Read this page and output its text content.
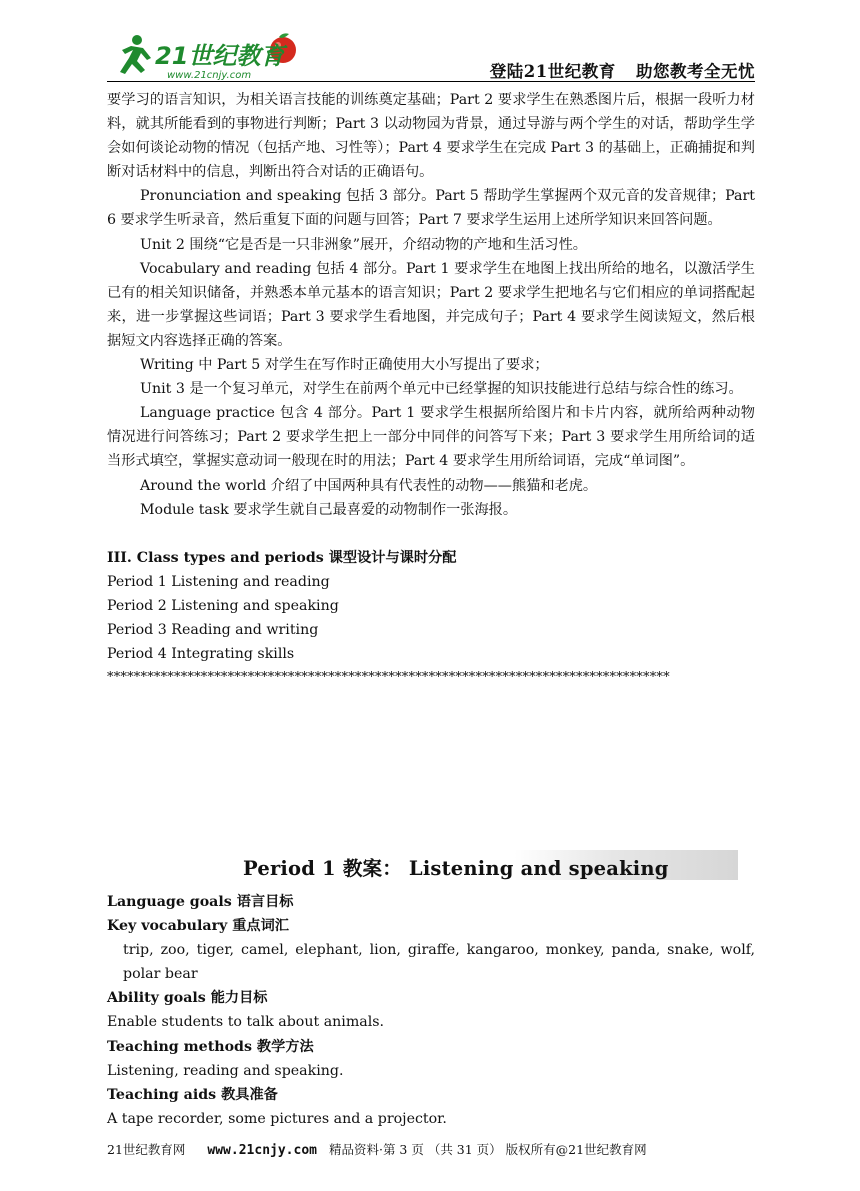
21世纪教育
www.21cnjy.com	登陆21世纪教育 助您教考全无忧

要学习的语言知识，为相关语言技能的训练奠定基础；Part 2 要求学生在熟悉图片后，根据一段听力材料，就其所能看到的事物进行判断；Part 3 以动物园为背景，通过导游与两个学生的对话，帮助学生学会如何谈论动物的情况（包括产地、习性等）；Part 4 要求学生在完成 Part 3 的基础上，正确捕捉和判断对话材料中的信息，判断出符合对话的正确语句。

Pronunciation and speaking 包括 3 部分。Part 5 帮助学生掌握两个双元音的发音规律；Part 6 要求学生听录音，然后重复下面的问题与回答；Part 7 要求学生运用上述所学知识来回答问题。

Unit 2 围绕“它是否是一只非洲象”展开，介绍动物的产地和生活习性。

Vocabulary and reading 包括 4 部分。Part 1 要求学生在地图上找出所给的地名，以激活学生已有的相关知识储备，并熟悉本单元基本的语言知识；Part 2 要求学生把地名与它们相应的单词搭配起来，进一步掌握这些词语；Part 3 要求学生看地图，并完成句子；Part 4 要求学生阅读短文，然后根据短文内容选择正确的答案。

Writing 中 Part 5 对学生在写作时正确使用大小写提出了要求；

Unit 3 是一个复习单元，对学生在前两个单元中已经掌握的知识技能进行总结与综合性的练习。

Language practice 包含 4 部分。Part 1 要求学生根据所给图片和卡片内容，就所给两种动物情况进行问答练习；Part 2 要求学生把上一部分中同伴的问答写下来；Part 3 要求学生用所给词的适当形式填空，掌握实意动词一般现在时的用法；Part 4 要求学生用所给词语，完成“单词图”。

Around the world 介绍了中国两种具有代表性的动物——熊猫和老虎。

Module task 要求学生就自己最喜爱的动物制作一张海报。

III. Class types and periods 课型设计与课时分配

Period 1 Listening and reading

Period 2 Listening and speaking

Period 3 Reading and writing

Period 4 Integrating skills

************************************************************************************
Period 1 教案： Listening and speaking

Language goals 语言目标

Key vocabulary 重点词汇

trip, zoo, tiger, camel, elephant, lion, giraffe, kangaroo, monkey, panda, snake, wolf, polar bear

Ability goals 能力目标

Enable students to talk about animals.

Teaching methods 教学方法

Listening, reading and speaking.

Teaching aids 教具准备

A tape recorder, some pictures and a projector.

21世纪教育网 www.21cnjy.com 精品资料·第 3 页 （共 31 页） 版权所有@21世纪教育网
